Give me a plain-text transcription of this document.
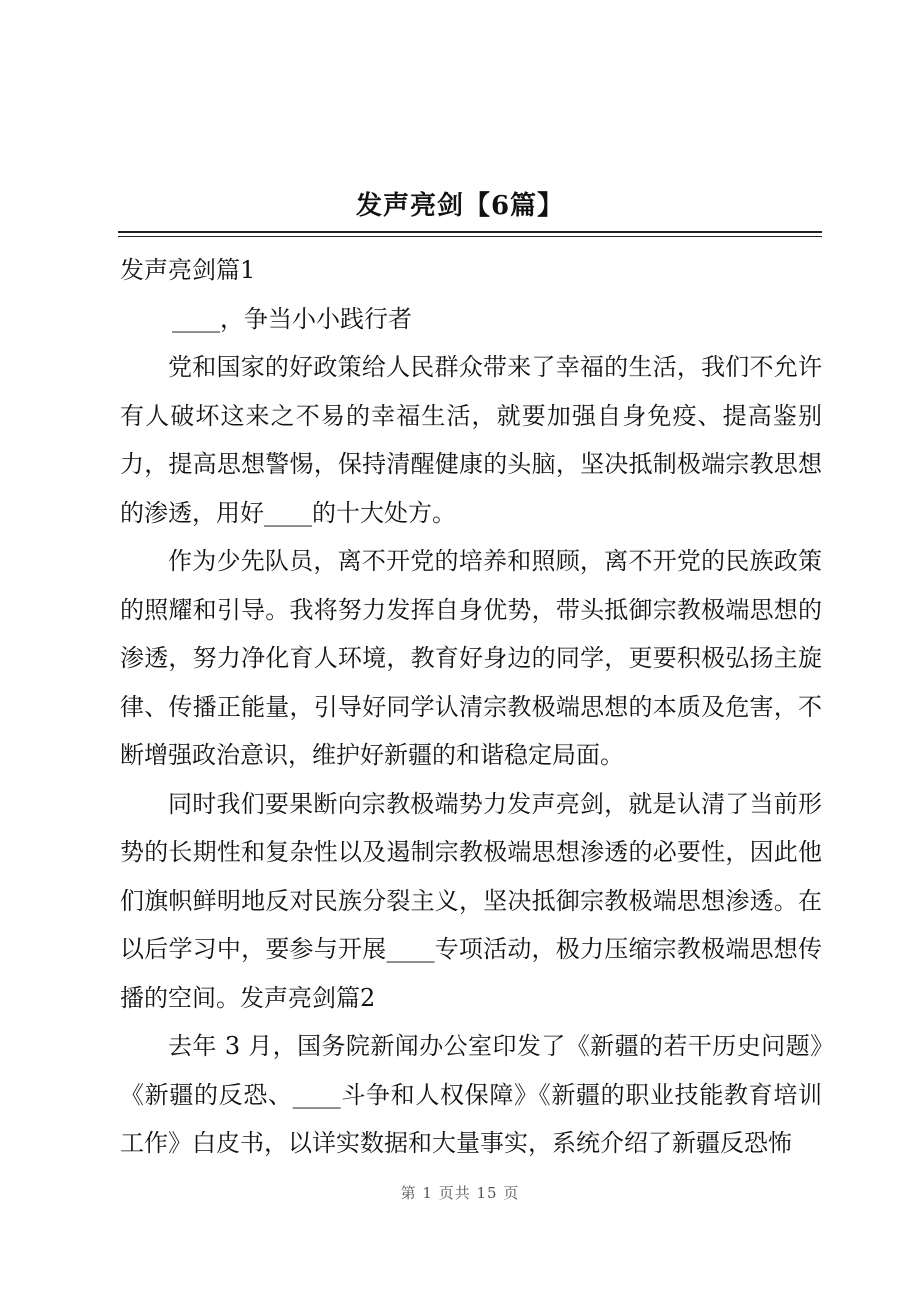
发声亮剑【6篇】

发声亮剑篇1

____，争当小小践行者

党和国家的好政策给人民群众带来了幸福的生活，我们不允许有人破坏这来之不易的幸福生活，就要加强自身免疫、提高鉴别力，提高思想警惕，保持清醒健康的头脑，坚决抵制极端宗教思想的渗透，用好____的十大处方。

作为少先队员，离不开党的培养和照顾，离不开党的民族政策的照耀和引导。我将努力发挥自身优势，带头抵御宗教极端思想的渗透，努力净化育人环境，教育好身边的同学，更要积极弘扬主旋律、传播正能量，引导好同学认清宗教极端思想的本质及危害，不断增强政治意识，维护好新疆的和谐稳定局面。

同时我们要果断向宗教极端势力发声亮剑，就是认清了当前形势的长期性和复杂性以及遏制宗教极端思想渗透的必要性，因此他们旗帜鲜明地反对民族分裂主义，坚决抵御宗教极端思想渗透。在以后学习中，要参与开展____专项活动，极力压缩宗教极端思想传播的空间。发声亮剑篇2

去年 3 月，国务院新闻办公室印发了《新疆的若干历史问题》《新疆的反恐、____斗争和人权保障》《新疆的职业技能教育培训工作》白皮书，以详实数据和大量事实，系统介绍了新疆反恐怖

第 1 页共 15 页
